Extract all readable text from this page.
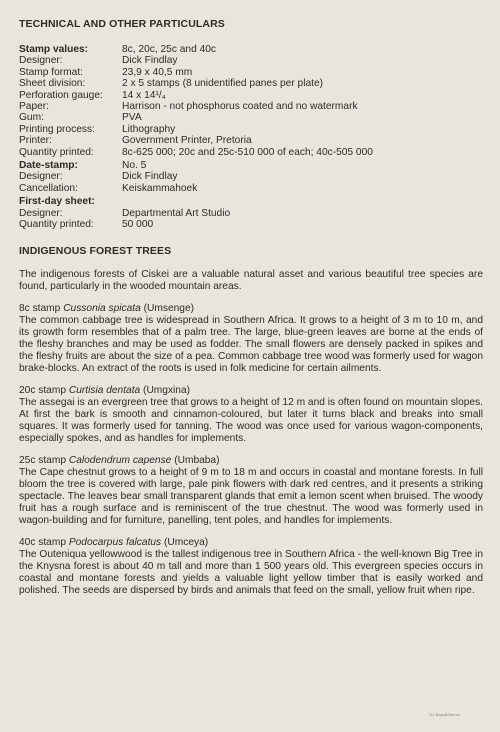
TECHNICAL AND OTHER PARTICULARS
Stamp values:	8c, 20c, 25c and 40c
Designer:	Dick Findlay
Stamp format:	23,9 x 40,5 mm
Sheet division:	2 x 5 stamps (8 unidentified panes per plate)
Perforation gauge:	14 x 14¹/₄
Paper:	Harrison - not phosphorus coated and no watermark
Gum:	PVA
Printing process:	Lithography
Printer:	Government Printer, Pretoria
Quantity printed:	8c-625 000; 20c and 25c-510 000 of each; 40c-505 000
Date-stamp:	No. 5
Designer:	Dick Findlay
Cancellation:	Keiskammahoek
First-day sheet:
Designer:	Departmental Art Studio
Quantity printed:	50 000
INDIGENOUS FOREST TREES

The indigenous forests of Ciskei are a valuable natural asset and various beautiful tree species are found, particularly in the wooded mountain areas.

8c stamp Cussonia spicata (Umsenge)

The common cabbage tree is widespread in Southern Africa. It grows to a height of 3 m to 10 m, and its growth form resembles that of a palm tree. The large, blue-green leaves are borne at the ends of the fleshy branches and may be used as fodder. The small flowers are densely packed in spikes and the fleshy fruits are about the size of a pea. Common cabbage tree wood was formerly used for wagon brake-blocks. An extract of the roots is used in folk medicine for certain ailments.

20c stamp Curtisia dentata (Umgxina)

The assegai is an evergreen tree that grows to a height of 12 m and is often found on mountain slopes. At first the bark is smooth and cinnamon-coloured, but later it turns black and breaks into small squares. It was formerly used for tanning. The wood was once used for various wagon-components, especially spokes, and as handles for implements.

25c stamp Calodendrum capense (Umbaba)

The Cape chestnut grows to a height of 9 m to 18 m and occurs in coastal and montane forests. In full bloom the tree is covered with large, pale pink flowers with dark red centres, and it presents a striking spectacle. The leaves bear small transparent glands that emit a lemon scent when bruised. The woody fruit has a rough surface and is reminiscent of the true chestnut. The wood was formerly used in wagon-building and for furniture, panelling, tent poles, and handles for implements.

40c stamp Podocarpus falcatus (Umceya)

The Outeniqua yellowwood is the tallest indigenous tree in Southern Africa - the well-known Big Tree in the Knysna forest is about 40 m tall and more than 1 500 years old. This evergreen species occurs in coastal and montane forests and yields a valuable light yellow timber that is easily worked and polished. The seeds are dispersed by birds and animals that feed on the small, yellow fruit when ripe.

Dr Kandeltrees
